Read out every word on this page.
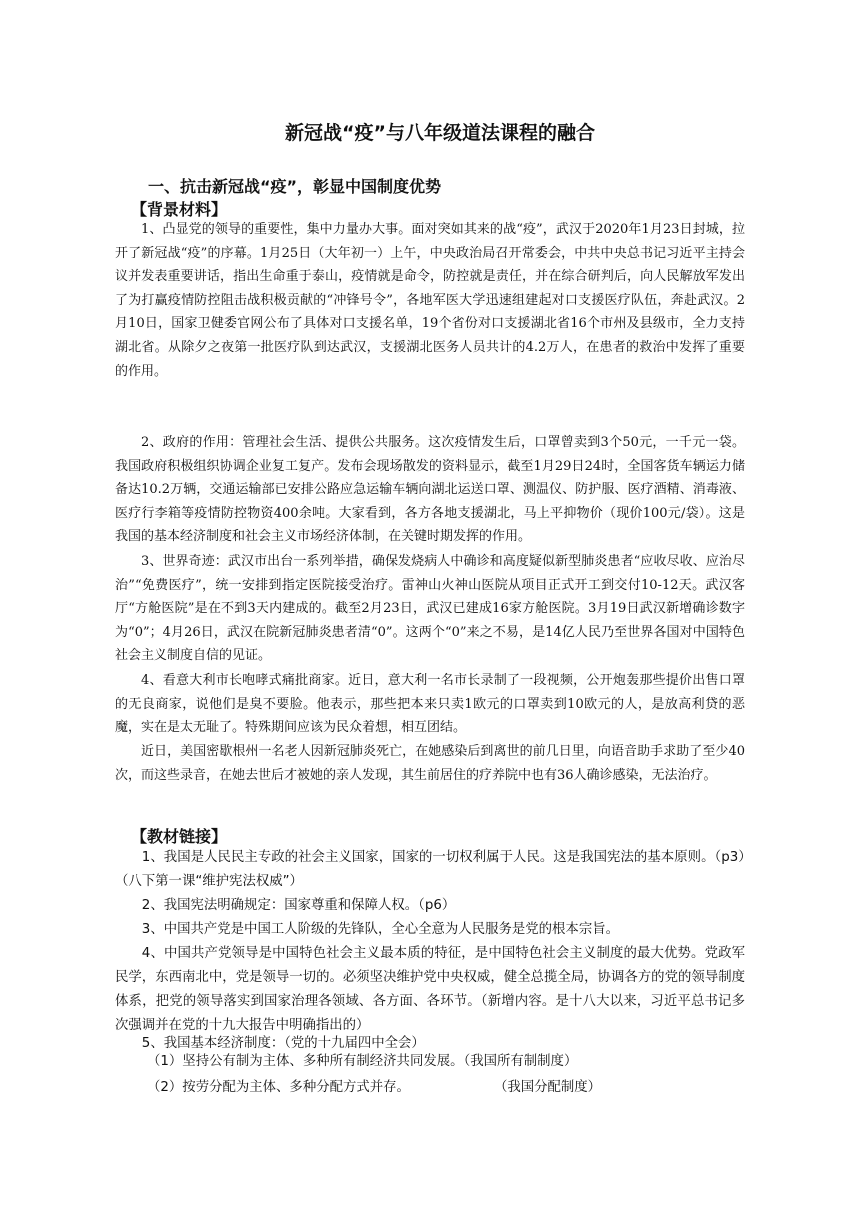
新冠战“疫”与八年级道法课程的融合
一、抗击新冠战“疫”，彰显中国制度优势
【背景材料】

1、凸显党的领导的重要性，集中力量办大事。面对突如其来的战“疫”，武汉于2020年1月23日封城，拉开了新冠战“疫”的序幕。1月25日（大年初一）上午，中央政治局召开常委会，中共中央总书记习近平主持会议并发表重要讲话，指出生命重于泰山，疫情就是命令，防控就是责任，并在综合研判后，向人民解放军发出了为打赢疫情防控阻击战积极贡献的“冲锋号令”，各地军医大学迅速组建起对口支援医疗队伍，奔赴武汉。2月10日，国家卫健委官网公布了具体对口支援名单，19个省份对口支援湖北省16个市州及县级市，全力支持湖北省。从除夕之夜第一批医疗队到达武汉，支援湖北医务人员共计的4.2万人，在患者的救治中发挥了重要的作用。

2、政府的作用：管理社会生活、提供公共服务。这次疫情发生后，口罩曾卖到3个50元，一千元一袋。我国政府积极组织协调企业复工复产。发布会现场散发的资料显示，截至1月29日24时，全国客货车辆运力储备达10.2万辆，交通运输部已安排公路应急运输车辆向湖北运送口罩、测温仪、防护服、医疗酒精、消毒液、医疗行李箱等疫情防控物资400余吨。大家看到，各方各地支援湖北，马上平抑物价（现价100元/袋）。这是我国的基本经济制度和社会主义市场经济体制，在关键时期发挥的作用。

3、世界奇迹：武汉市出台一系列举措，确保发烧病人中确诊和高度疑似新型肺炎患者“应收尽收、应治尽治”“免费医疗”，统一安排到指定医院接受治疗。雷神山火神山医院从项目正式开工到交付10-12天。武汉客厅“方舱医院”是在不到3天内建成的。截至2月23日，武汉已建成16家方舱医院。3月19日武汉新增确诊数字为“0”；4月26日，武汉在院新冠肺炎患者清“0”。这两个“0”来之不易，是14亿人民乃至世界各国对中国特色社会主义制度自信的见证。

4、看意大利市长咆哮式痛批商家。近日，意大利一名市长录制了一段视频，公开炮轰那些提价出售口罩的无良商家，说他们是臭不要脸。他表示，那些把本来只卖1欧元的口罩卖到10欧元的人，是放高利贷的恶魔，实在是太无耻了。特殊期间应该为民众着想，相互团结。

近日，美国密歇根州一名老人因新冠肺炎死亡，在她感染后到离世的前几日里，向语音助手求助了至少40次，而这些录音，在她去世后才被她的亲人发现，其生前居住的疗养院中也有36人确诊感染，无法治疗。

【教材链接】

1、我国是人民民主专政的社会主义国家，国家的一切权利属于人民。这是我国宪法的基本原则。（p3）（八下第一课“维护宪法权威”）

2、我国宪法明确规定：国家尊重和保障人权。（p6）

3、中国共产党是中国工人阶级的先锋队，全心全意为人民服务是党的根本宗旨。

4、中国共产党领导是中国特色社会主义最本质的特征，是中国特色社会主义制度的最大优势。党政军民学，东西南北中，党是领导一切的。必须坚决维护党中央权威，健全总揽全局，协调各方的党的领导制度体系，把党的领导落实到国家治理各领域、各方面、各环节。（新增内容。是十八大以来，习近平总书记多次强调并在党的十九大报告中明确指出的）

5、我国基本经济制度：（党的十九届四中全会）

（1）坚持公有制为主体、多种所有制经济共同发展。（我国所有制制度）
（2）按劳分配为主体、多种分配方式并存。	（我国分配制度）
